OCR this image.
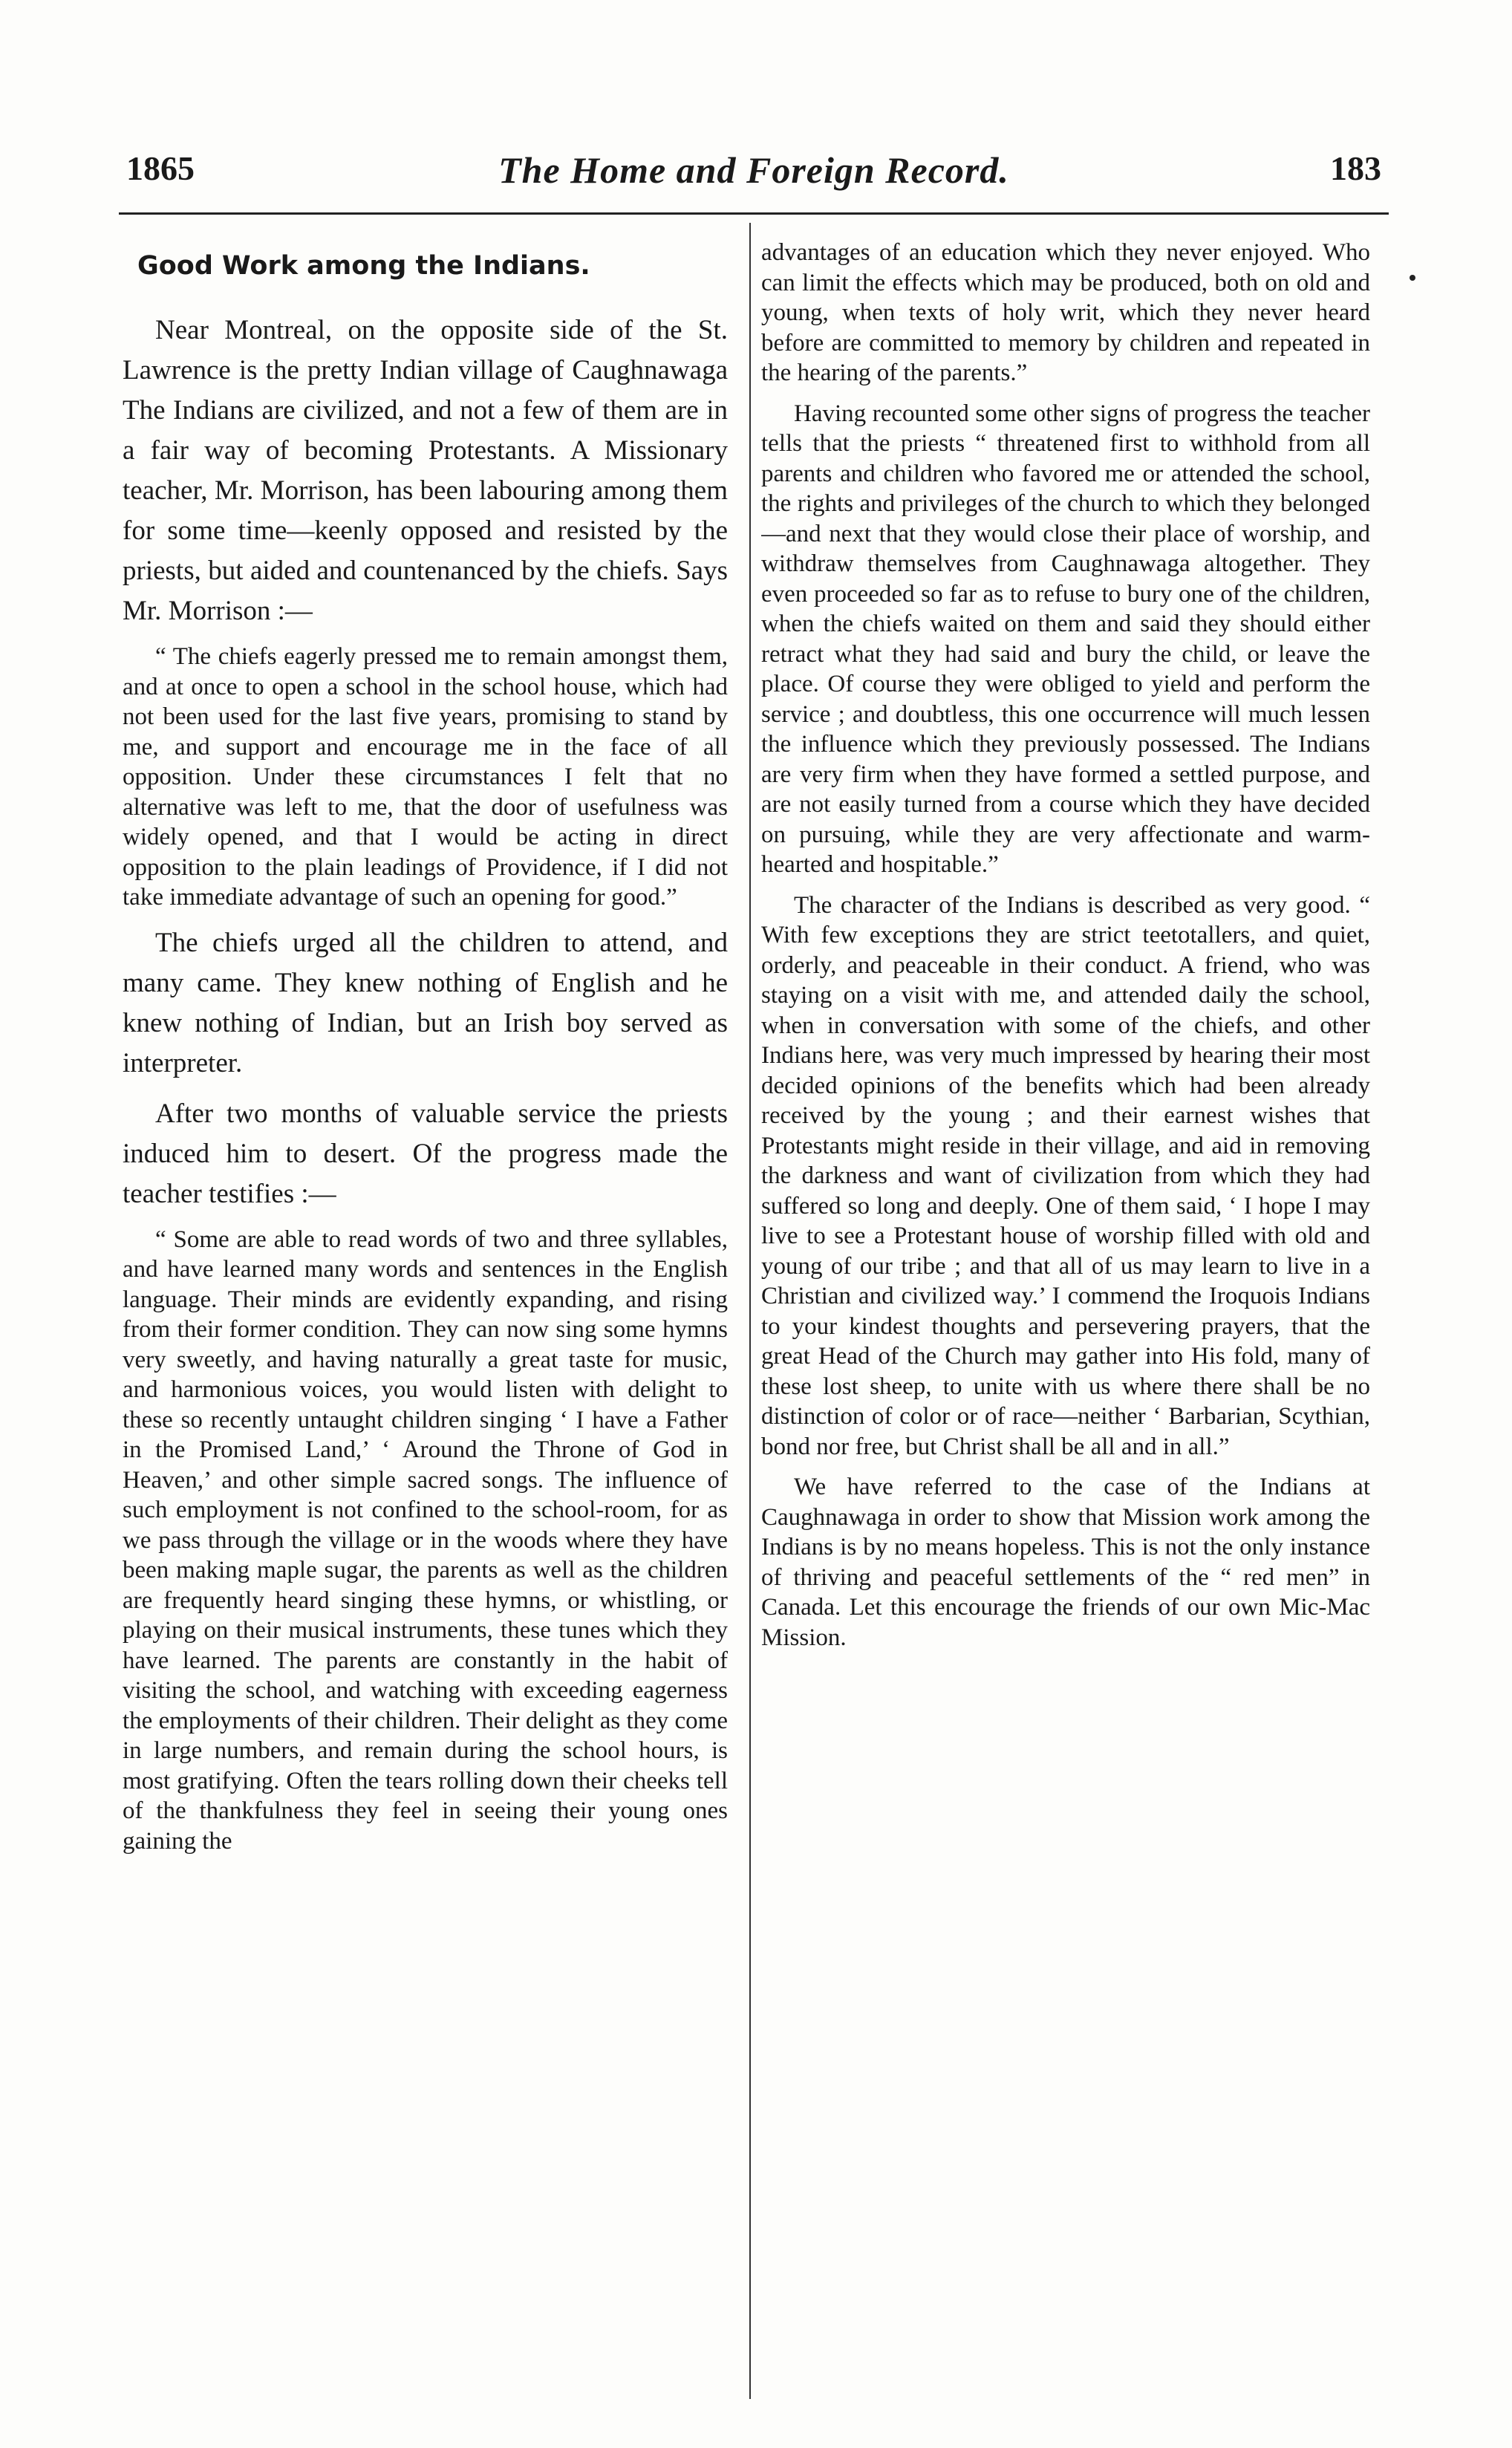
1865	The Home and Foreign Record.	183
Good Work among the Indians.

Near Montreal, on the opposite side of the St. Lawrence is the pretty Indian village of Caughnawaga The Indians are civilized, and not a few of them are in a fair way of becoming Protestants. A Missionary teacher, Mr. Morrison, has been labouring among them for some time—keenly opposed and resisted by the priests, but aided and countenanced by the chiefs. Says Mr. Morrison :—

“ The chiefs eagerly pressed me to remain amongst them, and at once to open a school in the school house, which had not been used for the last five years, promising to stand by me, and support and encourage me in the face of all opposition. Under these circumstances I felt that no alternative was left to me, that the door of usefulness was widely opened, and that I would be acting in direct opposition to the plain leadings of Providence, if I did not take immediate advantage of such an opening for good.”

The chiefs urged all the children to attend, and many came. They knew nothing of English and he knew nothing of Indian, but an Irish boy served as interpreter.

After two months of valuable service the priests induced him to desert. Of the progress made the teacher testifies :—

“ Some are able to read words of two and three syllables, and have learned many words and sentences in the English language. Their minds are evidently expanding, and rising from their former condition. They can now sing some hymns very sweetly, and having naturally a great taste for music, and harmonious voices, you would listen with delight to these so recently untaught children singing ‘ I have a Father in the Promised Land,’ ‘ Around the Throne of God in Heaven,’ and other simple sacred songs. The influence of such employment is not confined to the school-room, for as we pass through the village or in the woods where they have been making maple sugar, the parents as well as the children are frequently heard singing these hymns, or whistling, or playing on their musical instruments, these tunes which they have learned. The parents are constantly in the habit of visiting the school, and watching with exceeding eagerness the employments of their children. Their delight as they come in large numbers, and remain during the school hours, is most gratifying. Often the tears rolling down their cheeks tell of the thankfulness they feel in seeing their young ones gaining the

advantages of an education which they never enjoyed. Who can limit the effects which may be produced, both on old and young, when texts of holy writ, which they never heard before are committed to memory by children and repeated in the hearing of the parents.”

Having recounted some other signs of progress the teacher tells that the priests “ threatened first to withhold from all parents and children who favored me or attended the school, the rights and privileges of the church to which they belonged —and next that they would close their place of worship, and withdraw themselves from Caughnawaga altogether. They even proceeded so far as to refuse to bury one of the children, when the chiefs waited on them and said they should either retract what they had said and bury the child, or leave the place. Of course they were obliged to yield and perform the service ; and doubtless, this one occurrence will much lessen the influence which they previously possessed. The Indians are very firm when they have formed a settled purpose, and are not easily turned from a course which they have decided on pursuing, while they are very affectionate and warm-hearted and hospitable.”

The character of the Indians is described as very good. “ With few exceptions they are strict teetotallers, and quiet, orderly, and peaceable in their conduct. A friend, who was staying on a visit with me, and attended daily the school, when in conversation with some of the chiefs, and other Indians here, was very much impressed by hearing their most decided opinions of the benefits which had been already received by the young ; and their earnest wishes that Protestants might reside in their village, and aid in removing the darkness and want of civilization from which they had suffered so long and deeply. One of them said, ‘ I hope I may live to see a Protestant house of worship filled with old and young of our tribe ; and that all of us may learn to live in a Christian and civilized way.’ I commend the Iroquois Indians to your kindest thoughts and persevering prayers, that the great Head of the Church may gather into His fold, many of these lost sheep, to unite with us where there shall be no distinction of color or of race—neither ‘ Barbarian, Scythian, bond nor free, but Christ shall be all and in all.”

We have referred to the case of the Indians at Caughnawaga in order to show that Mission work among the Indians is by no means hopeless. This is not the only instance of thriving and peaceful settlements of the “ red men” in Canada. Let this encourage the friends of our own Mic-Mac Mission.
